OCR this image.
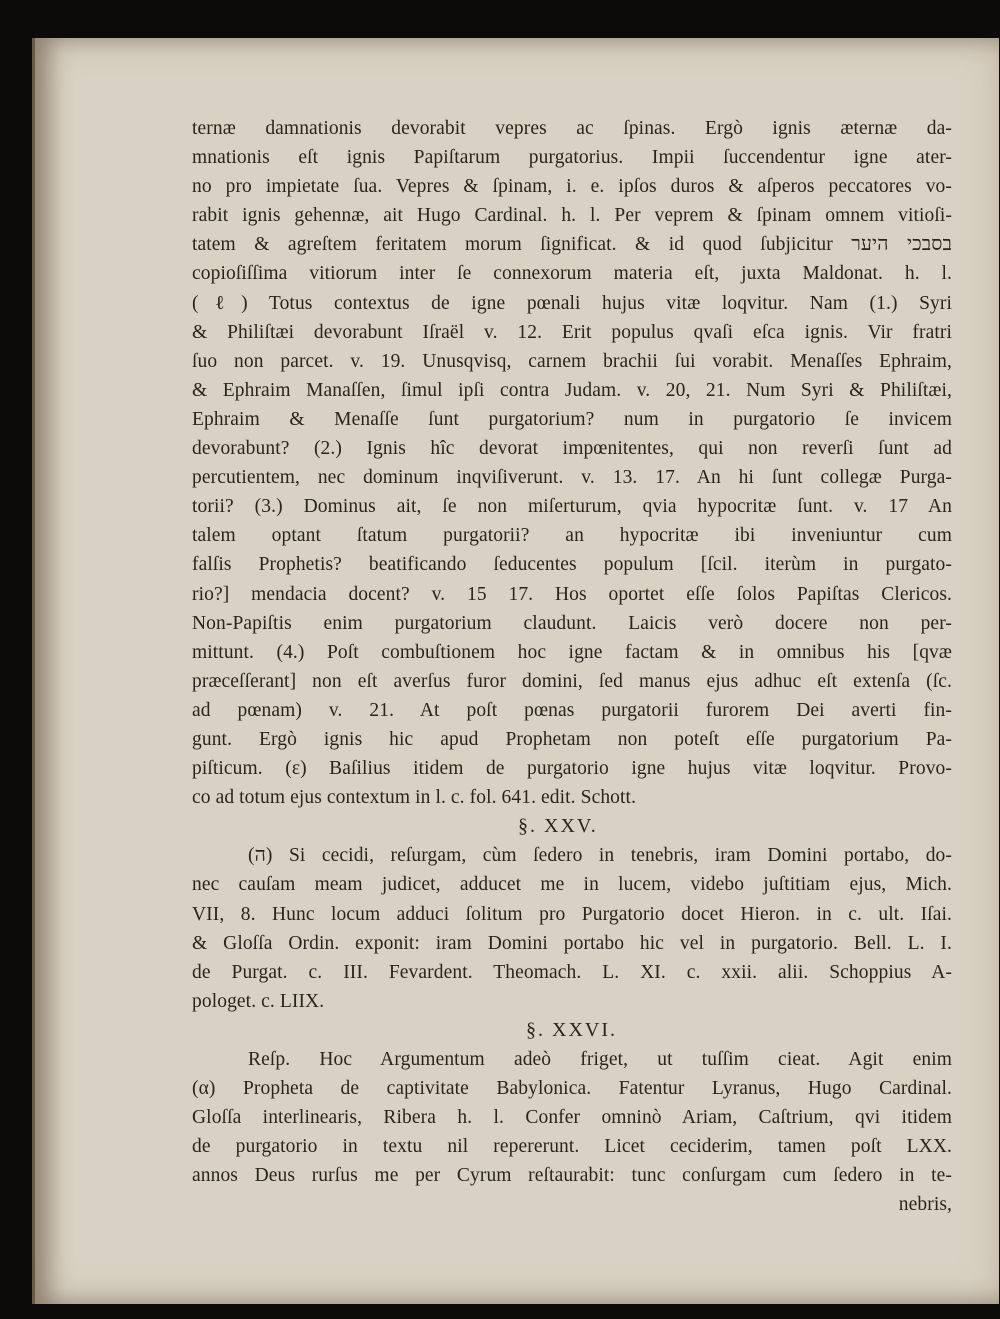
ternæ damnationis devorabit vepres ac ſpinas. Ergò ignis æternæ da-
mnationis eſt ignis Papiſtarum purgatorius. Impii ſuccendentur igne ater-
no pro impietate ſua. Vepres & ſpinam, i. e. ipſos duros & aſperos peccatores vo-
rabit ignis gehennæ, ait Hugo Cardinal. h. l. Per veprem & ſpinam omnem vitioſi-
tatem & agreſtem feritatem morum ſignificat. & id quod ſubjicitur בסבכי היער
copioſiſſima vitiorum inter ſe connexorum materia eſt, juxta Maldonat. h. l.
(ℓ) Totus contextus de igne pœnali hujus vitæ loqvitur. Nam (1.) Syri
& Philiſtæi devorabunt Iſraël v. 12. Erit populus qvaſi eſca ignis. Vir fratri
ſuo non parcet. v. 19. Unusqvisq, carnem brachii ſui vorabit. Menaſſes Ephraim,
& Ephraim Manaſſen, ſimul ipſi contra Judam. v. 20, 21. Num Syri & Philiſtæi,
Ephraim & Menaſſe ſunt purgatorium? num in purgatorio ſe invicem
devorabunt? (2.) Ignis hîc devorat impœnitentes, qui non reverſi ſunt ad
percutientem, nec dominum inqviſiverunt. v. 13. 17. An hi ſunt collegæ Purga-
torii? (3.) Dominus ait, ſe non miſerturum, qvia hypocritæ ſunt. v. 17 An
talem optant ſtatum purgatorii? an hypocritæ ibi inveniuntur cum
falſis Prophetis? beatificando ſeducentes populum [ſcil. iterùm in purgato-
rio?] mendacia docent? v. 15 17. Hos oportet eſſe ſolos Papiſtas Clericos.
Non-Papiſtis enim purgatorium claudunt. Laicis verò docere non per-
mittunt. (4.) Poſt combuſtionem hoc igne factam & in omnibus his [qvæ
præceſſerant] non eſt averſus furor domini, ſed manus ejus adhuc eſt extenſa (ſc.
ad pœnam) v. 21. At poſt pœnas purgatorii furorem Dei averti fin-
gunt. Ergò ignis hic apud Prophetam non poteſt eſſe purgatorium Pa-
piſticum. (ε) Baſilius itidem de purgatorio igne hujus vitæ loqvitur. Provo-
co ad totum ejus contextum in l. c. fol. 641. edit. Schott.
§. XXV.
(ה) Si cecidi, reſurgam, cùm ſedero in tenebris, iram Domini portabo, do-
nec cauſam meam judicet, adducet me in lucem, videbo juſtitiam ejus, Mich.
VII, 8. Hunc locum adduci ſolitum pro Purgatorio docet Hieron. in c. ult. Iſai.
& Gloſſa Ordin. exponit: iram Domini portabo hic vel in purgatorio. Bell. L. I.
de Purgat. c. III. Fevardent. Theomach. L. XI. c. xxii. alii. Schoppius A-
pologet. c. LIIX.
§. XXVI.
Reſp. Hoc Argumentum adeò friget, ut tuſſim cieat. Agit enim
(α) Propheta de captivitate Babylonica. Fatentur Lyranus, Hugo Cardinal.
Gloſſa interlinearis, Ribera h. l. Confer omninò Ariam, Caſtrium, qvi itidem
de purgatorio in textu nil repererunt. Licet ceciderim, tamen poſt LXX.
annos Deus rurſus me per Cyrum reſtaurabit: tunc conſurgam cum ſedero in te-
nebris,
